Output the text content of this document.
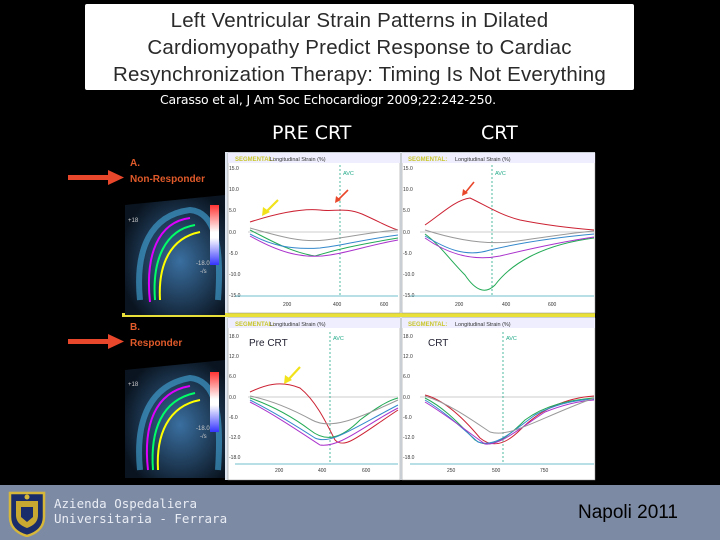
Left Ventricular Strain Patterns in Dilated
Cardiomyopathy Predict Response to Cardiac
Resynchronization Therapy: Timing Is Not Everything
Carasso et al, J Am Soc Echocardiogr 2009;22:242-250.
PRE CRT	CRT
A.
Non-Responder
B.
Responder
+18
-18.0
-/s
+18
-18.0
-/s
SEGMENTAL:
Longitudinal Strain (%)
AVC
15.0
10.0
5.0
0.0
-5.0
-10.0
-15.0
200	400	600
SEGMENTAL: Longitudinal Strain (%)
AVC
15.0
10.0
5.0
0.0
-5.0
-10.0
-15.0
200	400	600
SEGMENTAL:
Longitudinal Strain (%)
Pre CRT	AVC
18.0
12.0
6.0
0.0
-6.0
-12.0
-18.0
200	400	600
SEGMENTAL: Longitudinal Strain (%)
CRT	AVC
18.0
12.0
6.0
0.0
-6.0
-12.0
-18.0
250	500	750
Azienda Ospedaliera
Universitaria - Ferrara	Napoli 2011
